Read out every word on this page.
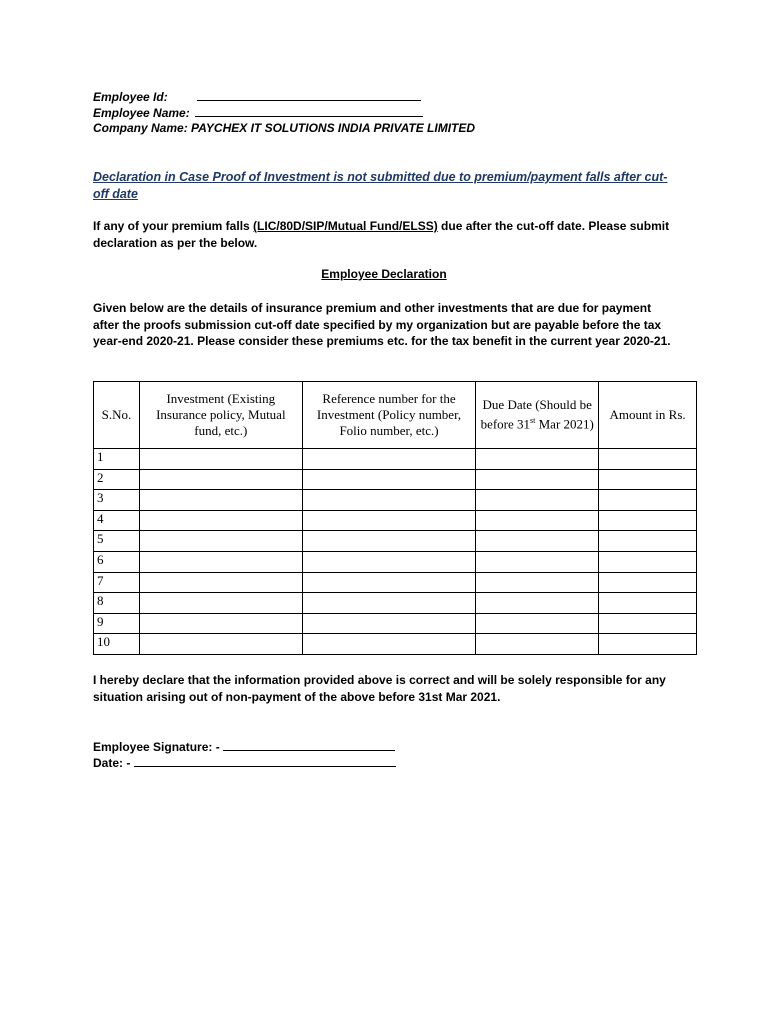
Employee Id:
Employee Name:
Company Name: PAYCHEX IT SOLUTIONS INDIA PRIVATE LIMITED
Declaration in Case Proof of Investment is not submitted due to premium/payment falls after cut-off date
If any of your premium falls (LIC/80D/SIP/Mutual Fund/ELSS) due after the cut-off date. Please submit declaration as per the below.
Employee Declaration
Given below are the details of insurance premium and other investments that are due for payment after the proofs submission cut-off date specified by my organization but are payable before the tax year-end 2020-21. Please consider these premiums etc. for the tax benefit in the current year 2020-21.
S.No.	Investment (Existing Insurance policy, Mutual fund, etc.)	Reference number for the Investment (Policy number, Folio number, etc.)	Due Date (Should be before 31st Mar 2021)	Amount in Rs.
1				
2				
3				
4				
5				
6				
7				
8				
9				
10				
I hereby declare that the information provided above is correct and will be solely responsible for any situation arising out of non-payment of the above before 31st Mar 2021.
Employee Signature: -
Date: -
